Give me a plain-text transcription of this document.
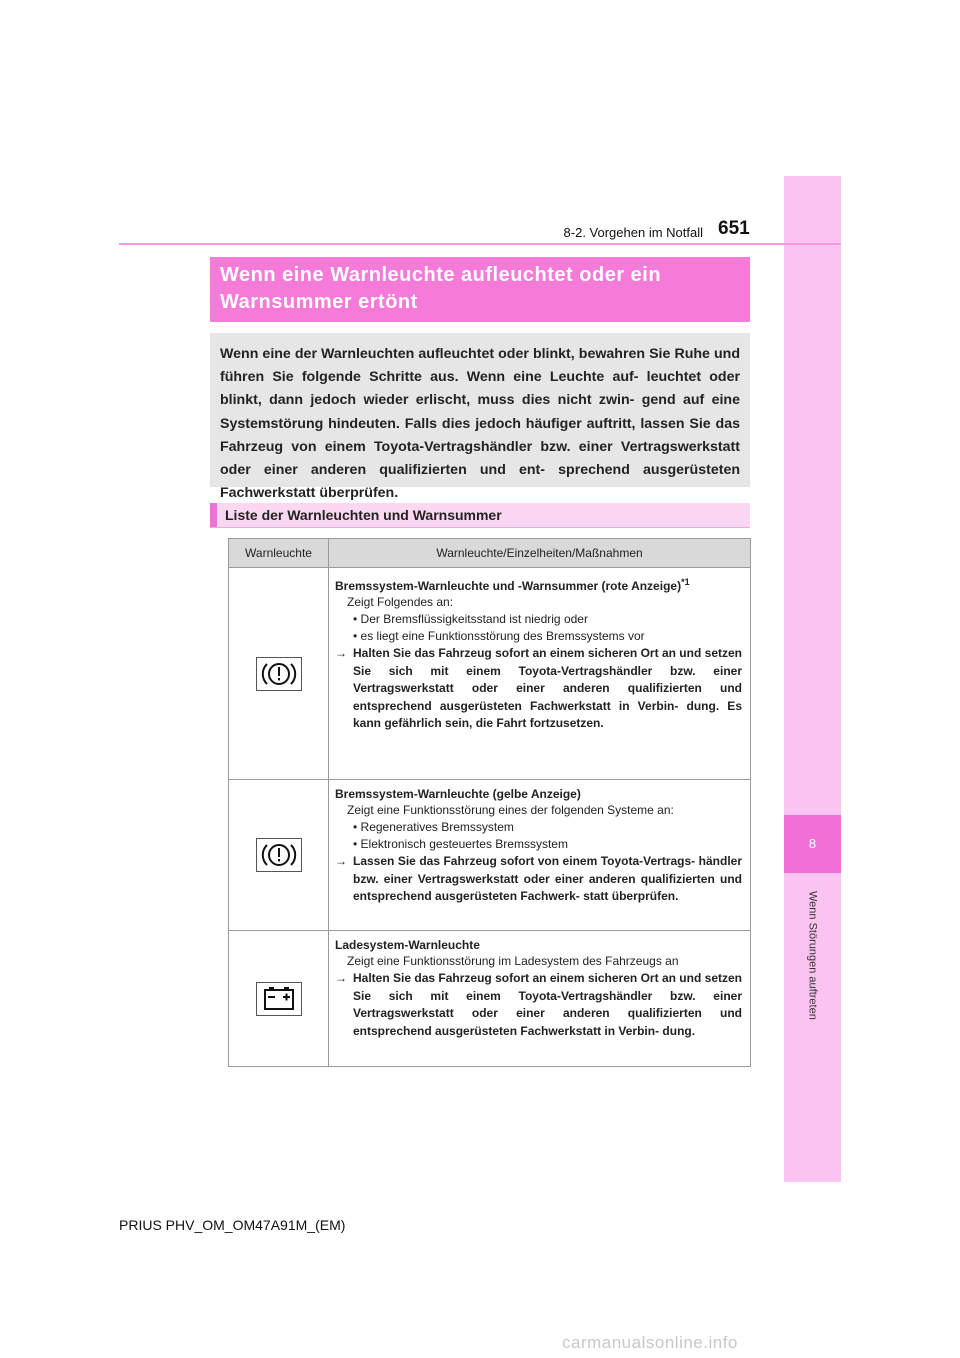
8
Wenn Störungen auftreten
8-2. Vorgehen im Notfall 651
Wenn eine Warnleuchte aufleuchtet oder ein
Warnsummer ertönt

Wenn eine der Warnleuchten aufleuchtet oder blinkt, bewahren Sie Ruhe und führen Sie folgende Schritte aus. Wenn eine Leuchte auf- leuchtet oder blinkt, dann jedoch wieder erlischt, muss dies nicht zwin- gend auf eine Systemstörung hindeuten. Falls dies jedoch häufiger auftritt, lassen Sie das Fahrzeug von einem Toyota-Vertragshändler bzw. einer Vertragswerkstatt oder einer anderen qualifizierten und ent- sprechend ausgerüsteten Fachwerkstatt überprüfen.

Liste der Warnleuchten und Warnsummer
Warnleuchte	Warnleuchte/Einzelheiten/Maßnahmen

Bremssystem-Warnleuchte und -Warnsummer (rote Anzeige)$^{*1}$
Zeigt Folgendes an:
• Der Bremsflüssigkeitsstand ist niedrig oder
• es liegt eine Funktionsstörung des Bremssystems vor
→ Halten Sie das Fahrzeug sofort an einem sicheren Ort an und setzen Sie sich mit einem Toyota-Vertragshändler bzw. einer Vertragswerkstatt oder einer anderen qualifizierten und entsprechend ausgerüsteten Fachwerkstatt in Verbin- dung. Es kann gefährlich sein, die Fahrt fortzusetzen.

Bremssystem-Warnleuchte (gelbe Anzeige)
Zeigt eine Funktionsstörung eines der folgenden Systeme an:
• Regeneratives Bremssystem
• Elektronisch gesteuertes Bremssystem
→ Lassen Sie das Fahrzeug sofort von einem Toyota-Vertrags- händler bzw. einer Vertragswerkstatt oder einer anderen qualifizierten und entsprechend ausgerüsteten Fachwerk- statt überprüfen.

Ladesystem-Warnleuchte
Zeigt eine Funktionsstörung im Ladesystem des Fahrzeugs an
→ Halten Sie das Fahrzeug sofort an einem sicheren Ort an und setzen Sie sich mit einem Toyota-Vertragshändler bzw. einer Vertragswerkstatt oder einer anderen qualifizierten und entsprechend ausgerüsteten Fachwerkstatt in Verbin- dung.
PRIUS PHV_OM_OM47A91M_(EM)
carmanualsonline.info
